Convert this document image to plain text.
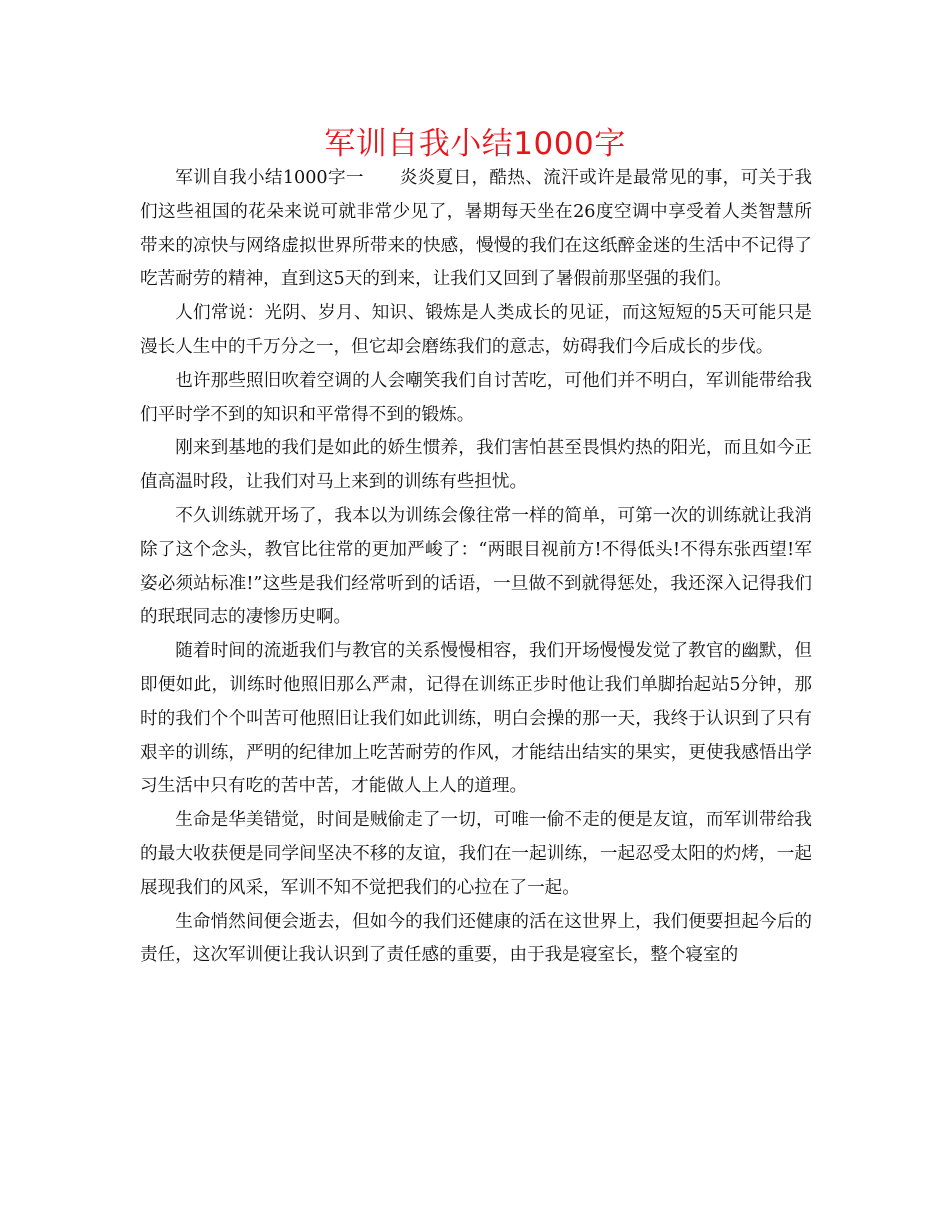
军训自我小结1000字

军训自我小结1000字一　　炎炎夏日，酷热、流汗或许是最常见的事，可关于我们这些祖国的花朵来说可就非常少见了，暑期每天坐在26度空调中享受着人类智慧所带来的凉快与网络虚拟世界所带来的快感，慢慢的我们在这纸醉金迷的生活中不记得了吃苦耐劳的精神，直到这5天的到来，让我们又回到了暑假前那坚强的我们。

人们常说：光阴、岁月、知识、锻炼是人类成长的见证，而这短短的5天可能只是漫长人生中的千万分之一，但它却会磨练我们的意志，妨碍我们今后成长的步伐。

也许那些照旧吹着空调的人会嘲笑我们自讨苦吃，可他们并不明白，军训能带给我们平时学不到的知识和平常得不到的锻炼。

刚来到基地的我们是如此的娇生惯养，我们害怕甚至畏惧灼热的阳光，而且如今正值高温时段，让我们对马上来到的训练有些担忧。

不久训练就开场了，我本以为训练会像往常一样的简单，可第一次的训练就让我消除了这个念头，教官比往常的更加严峻了：“两眼目视前方!不得低头!不得东张西望!军姿必须站标准!”这些是我们经常听到的话语，一旦做不到就得惩处，我还深入记得我们的珉珉同志的凄惨历史啊。

随着时间的流逝我们与教官的关系慢慢相容，我们开场慢慢发觉了教官的幽默，但即便如此，训练时他照旧那么严肃，记得在训练正步时他让我们单脚抬起站5分钟，那时的我们个个叫苦可他照旧让我们如此训练，明白会操的那一天，我终于认识到了只有艰辛的训练，严明的纪律加上吃苦耐劳的作风，才能结出结实的果实，更使我感悟出学习生活中只有吃的苦中苦，才能做人上人的道理。

生命是华美错觉，时间是贼偷走了一切，可唯一偷不走的便是友谊，而军训带给我的最大收获便是同学间坚决不移的友谊，我们在一起训练，一起忍受太阳的灼烤，一起展现我们的风采，军训不知不觉把我们的心拉在了一起。

生命悄然间便会逝去，但如今的我们还健康的活在这世界上，我们便要担起今后的责任，这次军训便让我认识到了责任感的重要，由于我是寝室长，整个寝室的
